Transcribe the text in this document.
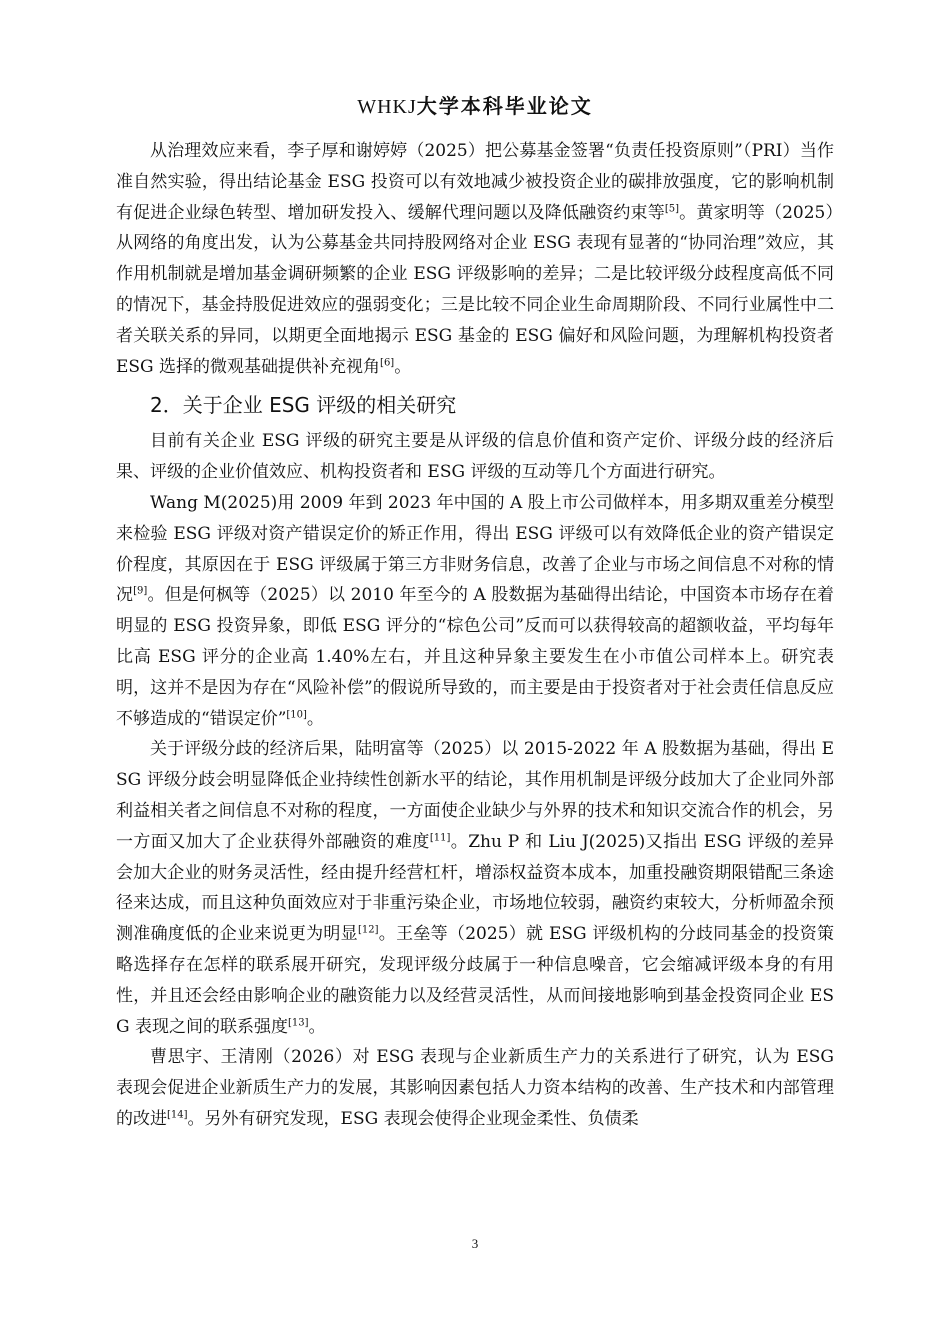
WHKJ大学本科毕业论文

从治理效应来看，李子厚和谢婷婷（2025）把公募基金签署“负责任投资原则”（PRI）当作准自然实验，得出结论基金 ESG 投资可以有效地减少被投资企业的碳排放强度，它的影响机制有促进企业绿色转型、增加研发投入、缓解代理问题以及降低融资约束等[5]。黄家明等（2025）从网络的角度出发，认为公募基金共同持股网络对企业 ESG 表现有显著的“协同治理”效应，其作用机制就是增加基金调研频繁的企业 ESG 评级影响的差异；二是比较评级分歧程度高低不同的情况下，基金持股促进效应的强弱变化；三是比较不同企业生命周期阶段、不同行业属性中二者关联关系的异同，以期更全面地揭示 ESG 基金的 ESG 偏好和风险问题，为理解机构投资者 ESG 选择的微观基础提供补充视角[6]。

2．关于企业 ESG 评级的相关研究

目前有关企业 ESG 评级的研究主要是从评级的信息价值和资产定价、评级分歧的经济后果、评级的企业价值效应、机构投资者和 ESG 评级的互动等几个方面进行研究。

Wang M(2025)用 2009 年到 2023 年中国的 A 股上市公司做样本，用多期双重差分模型来检验 ESG 评级对资产错误定价的矫正作用，得出 ESG 评级可以有效降低企业的资产错误定价程度，其原因在于 ESG 评级属于第三方非财务信息，改善了企业与市场之间信息不对称的情况[9]。但是何枫等（2025）以 2010 年至今的 A 股数据为基础得出结论，中国资本市场存在着明显的 ESG 投资异象，即低 ESG 评分的“棕色公司”反而可以获得较高的超额收益，平均每年比高 ESG 评分的企业高 1.40%左右，并且这种异象主要发生在小市值公司样本上。研究表明，这并不是因为存在“风险补偿”的假说所导致的，而主要是由于投资者对于社会责任信息反应不够造成的“错误定价”[10]。

关于评级分歧的经济后果，陆明富等（2025）以 2015-2022 年 A 股数据为基础，得出 ESG 评级分歧会明显降低企业持续性创新水平的结论，其作用机制是评级分歧加大了企业同外部利益相关者之间信息不对称的程度，一方面使企业缺少与外界的技术和知识交流合作的机会，另一方面又加大了企业获得外部融资的难度[11]。Zhu P 和 Liu J(2025)又指出 ESG 评级的差异会加大企业的财务灵活性，经由提升经营杠杆，增添权益资本成本，加重投融资期限错配三条途径来达成，而且这种负面效应对于非重污染企业，市场地位较弱，融资约束较大，分析师盈余预测准确度低的企业来说更为明显[12]。王垒等（2025）就 ESG 评级机构的分歧同基金的投资策略选择存在怎样的联系展开研究，发现评级分歧属于一种信息噪音，它会缩减评级本身的有用性，并且还会经由影响企业的融资能力以及经营灵活性，从而间接地影响到基金投资同企业 ESG 表现之间的联系强度[13]。

曹思宇、王清刚（2026）对 ESG 表现与企业新质生产力的关系进行了研究，认为 ESG 表现会促进企业新质生产力的发展，其影响因素包括人力资本结构的改善、生产技术和内部管理的改进[14]。另外有研究发现，ESG 表现会使得企业现金柔性、负债柔

3
